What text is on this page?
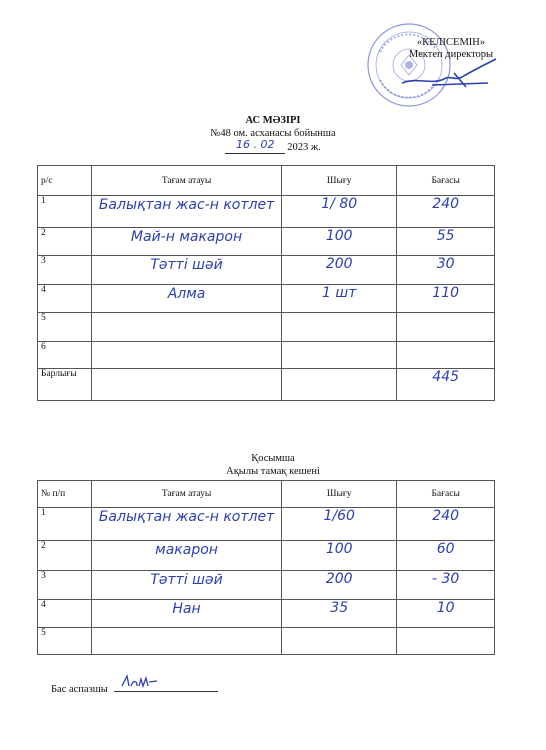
«КЕЛІСЕМІН»
Мектеп директоры
АС МӘЗІРІ
№48 ом. асханасы бойынша
16 . 02 2023 ж.
р/с	Тағам атауы	Шығу	Бағасы
1	Балықтан жас-н котлет	1/ 80	240
2	Май-н макарон	100	55
3	Тәтті шәй	200	30
4	Алма	1 шт	110
5			
6			
Барлығы			445
Қосымша
Ақылы тамақ кешені
№ п/п	Тағам атауы	Шығу	Бағасы
1	Балықтан жас-н котлет	1/60	240
2	макарон	100	60
3	Тәтті шәй	200	- 30
4	Нан	35	10
5			
Бас аспазшы
